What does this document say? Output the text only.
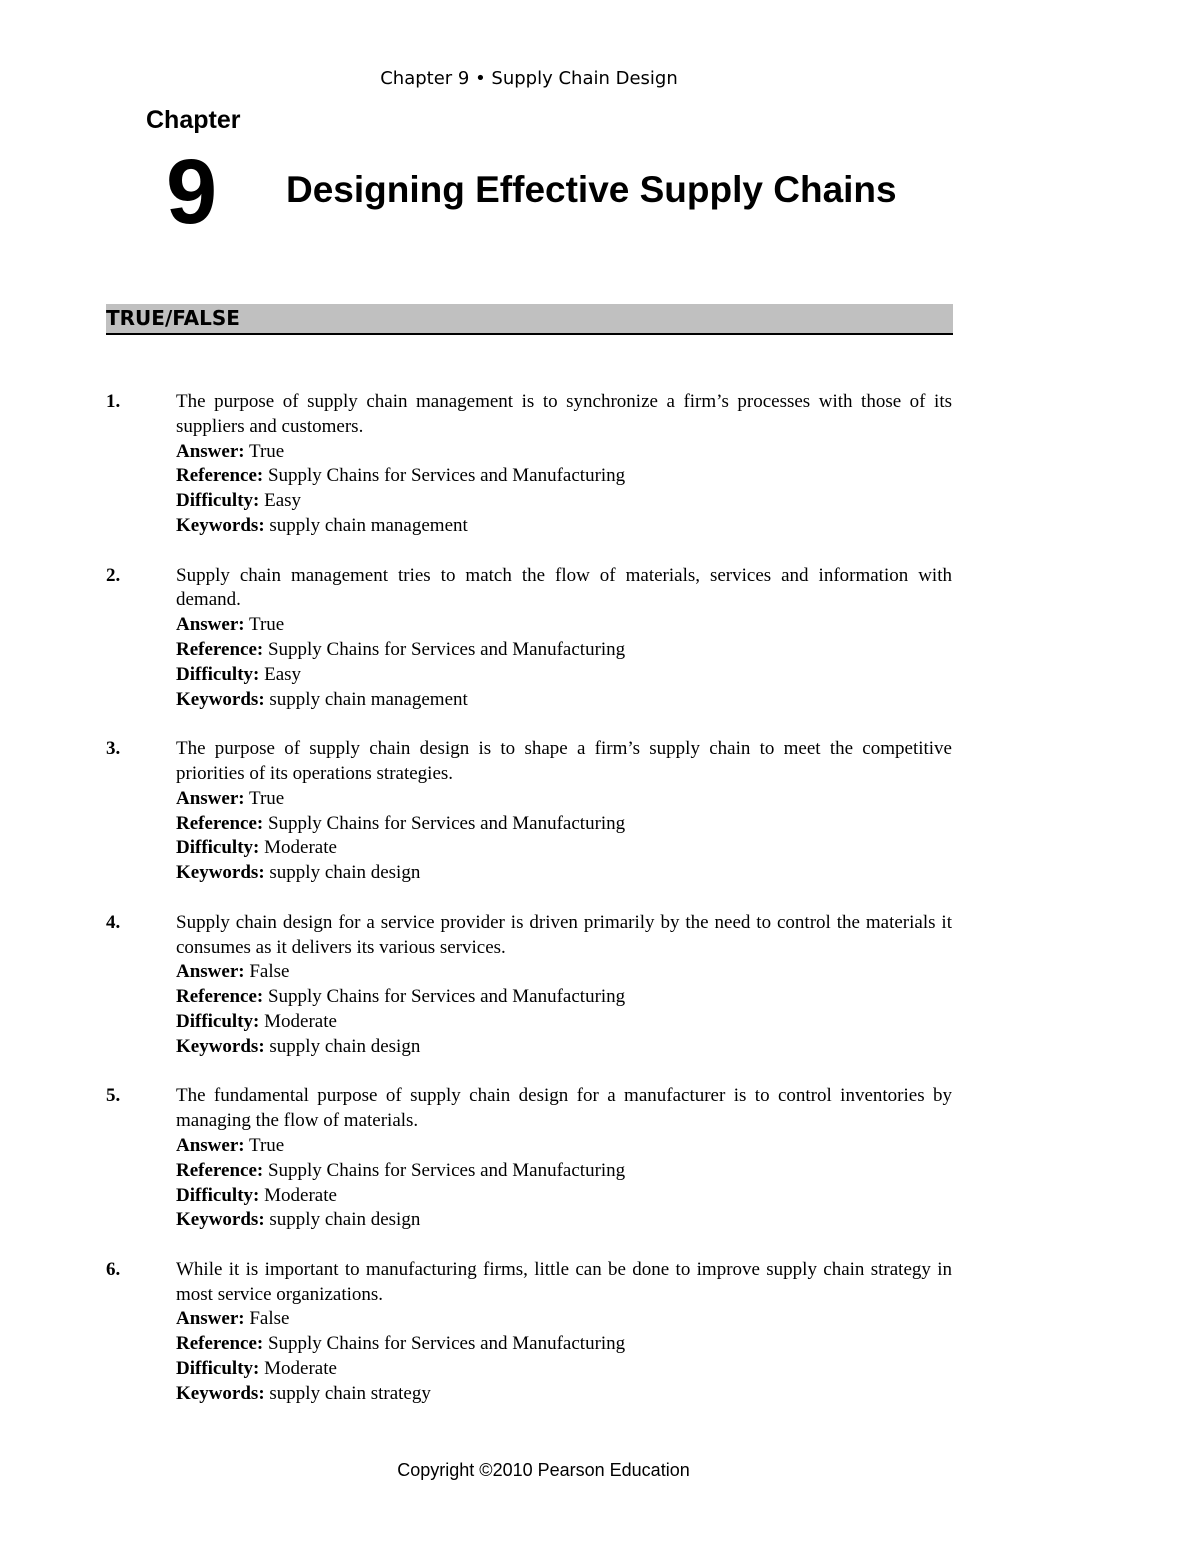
Chapter 9 • Supply Chain Design
Chapter
9 Designing Effective Supply Chains
TRUE/FALSE
1.	The purpose of supply chain management is to synchronize a firm’s processes with those of its suppliers and customers.
Answer: True
Reference: Supply Chains for Services and Manufacturing
Difficulty: Easy
Keywords: supply chain management
2.	Supply chain management tries to match the flow of materials, services and information with demand.
Answer: True
Reference: Supply Chains for Services and Manufacturing
Difficulty: Easy
Keywords: supply chain management
3.	The purpose of supply chain design is to shape a firm’s supply chain to meet the competitive priorities of its operations strategies.
Answer: True
Reference: Supply Chains for Services and Manufacturing
Difficulty: Moderate
Keywords: supply chain design
4.	Supply chain design for a service provider is driven primarily by the need to control the materials it consumes as it delivers its various services.
Answer: False
Reference: Supply Chains for Services and Manufacturing
Difficulty: Moderate
Keywords: supply chain design
5.	The fundamental purpose of supply chain design for a manufacturer is to control inventories by managing the flow of materials.
Answer: True
Reference: Supply Chains for Services and Manufacturing
Difficulty: Moderate
Keywords: supply chain design
6.	While it is important to manufacturing firms, little can be done to improve supply chain strategy in most service organizations.
Answer: False
Reference: Supply Chains for Services and Manufacturing
Difficulty: Moderate
Keywords: supply chain strategy
Copyright ©2010 Pearson Education
